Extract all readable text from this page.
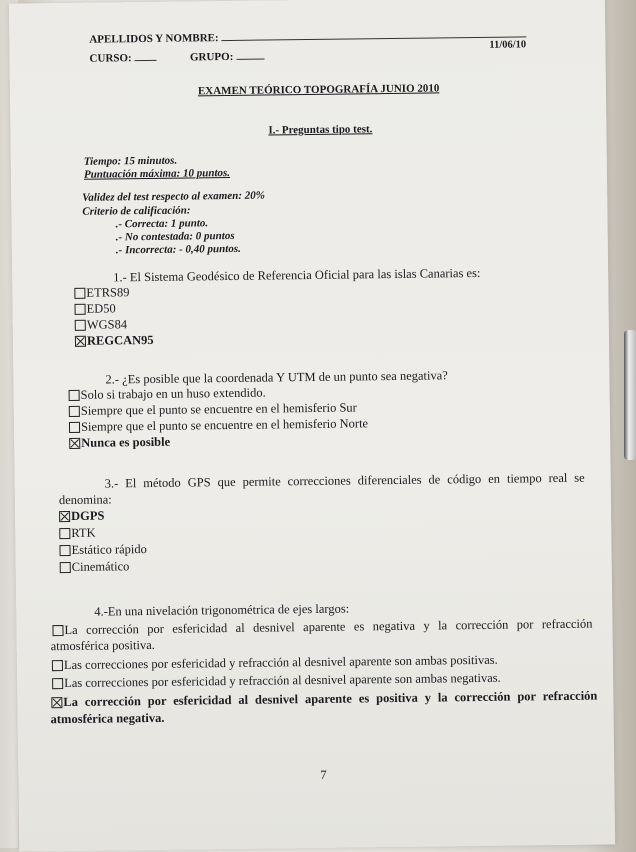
APELLIDOS Y NOMBRE:
CURSO:	GRUPO:
11/06/10
EXAMEN TEÓRICO TOPOGRAFÍA JUNIO 2010
I.- Preguntas tipo test.
Tiempo: 15 minutos.
Puntuación máxima: 10 puntos.
Validez del test respecto al examen: 20%
Criterio de calificación:
.- Correcta: 1 punto.
.- No contestada: 0 puntos
.- Incorrecta: - 0,40 puntos.
1.- El Sistema Geodésico de Referencia Oficial para las islas Canarias es:
ETRS89
ED50
WGS84
REGCAN95
2.- ¿Es posible que la coordenada Y UTM de un punto sea negativa?
Solo si trabajo en un huso extendido.
Siempre que el punto se encuentre en el hemisferio Sur
Siempre que el punto se encuentre en el hemisferio Norte
Nunca es posible
3.- El método GPS que permite correcciones diferenciales de código en tiempo real se
denomina:
DGPS
RTK
Estático rápido
Cinemático
4.-En una nivelación trigonométrica de ejes largos:
La corrección por esfericidad al desnivel aparente es negativa y la corrección por refracción
atmosférica positiva.
Las correcciones por esfericidad y refracción al desnivel aparente son ambas positivas.
Las correcciones por esfericidad y refracción al desnivel aparente son ambas negativas.
La corrección por esfericidad al desnivel aparente es positiva y la corrección por refracción
atmosférica negativa.
7
